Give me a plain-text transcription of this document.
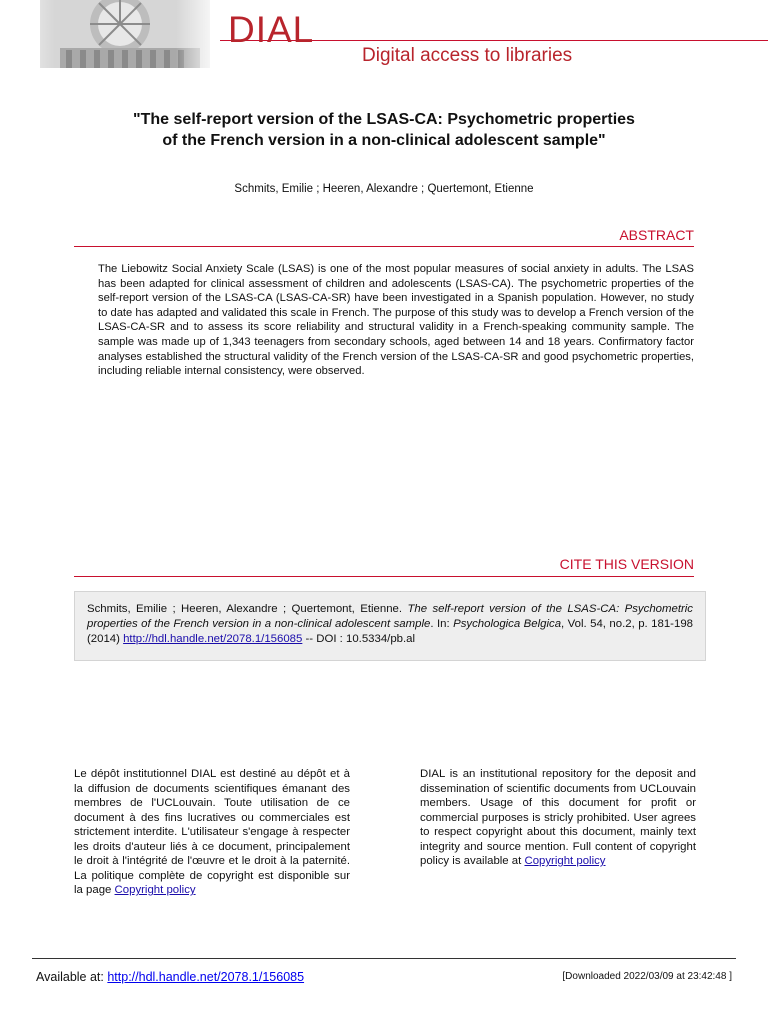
DIAL
Digital access to libraries
"The self-report version of the LSAS-CA: Psychometric properties
of the French version in a non-clinical adolescent sample"
Schmits, Emilie ; Heeren, Alexandre ; Quertemont, Etienne
ABSTRACT
The Liebowitz Social Anxiety Scale (LSAS) is one of the most popular measures of social anxiety in adults. The LSAS has been adapted for clinical assessment of children and adolescents (LSAS-CA). The psychometric properties of the self-report version of the LSAS-CA (LSAS-CA-SR) have been investigated in a Spanish population. However, no study to date has adapted and validated this scale in French. The purpose of this study was to develop a French version of the LSAS-CA-SR and to assess its score reliability and structural validity in a French-speaking community sample. The sample was made up of 1,343 teenagers from secondary schools, aged between 14 and 18 years. Confirmatory factor analyses established the structural validity of the French version of the LSAS-CA-SR and good psychometric properties, including reliable internal consistency, were observed.
CITE THIS VERSION
Schmits, Emilie ; Heeren, Alexandre ; Quertemont, Etienne. The self-report version of the LSAS-CA: Psychometric properties of the French version in a non-clinical adolescent sample. In: Psychologica Belgica, Vol. 54, no.2, p. 181-198 (2014) http://hdl.handle.net/2078.1/156085 -- DOI : 10.5334/pb.al
Le dépôt institutionnel DIAL est destiné au dépôt et à la diffusion de documents scientifiques émanant des membres de l'UCLouvain. Toute utilisation de ce document à des fins lucratives ou commerciales est strictement interdite. L'utilisateur s'engage à respecter les droits d'auteur liés à ce document, principalement le droit à l'intégrité de l'œuvre et le droit à la paternité. La politique complète de copyright est disponible sur la page Copyright policy
DIAL is an institutional repository for the deposit and dissemination of scientific documents from UCLouvain members. Usage of this document for profit or commercial purposes is stricly prohibited. User agrees to respect copyright about this document, mainly text integrity and source mention. Full content of copyright policy is available at Copyright policy
Available at: http://hdl.handle.net/2078.1/156085	[Downloaded 2022/03/09 at 23:42:48 ]
